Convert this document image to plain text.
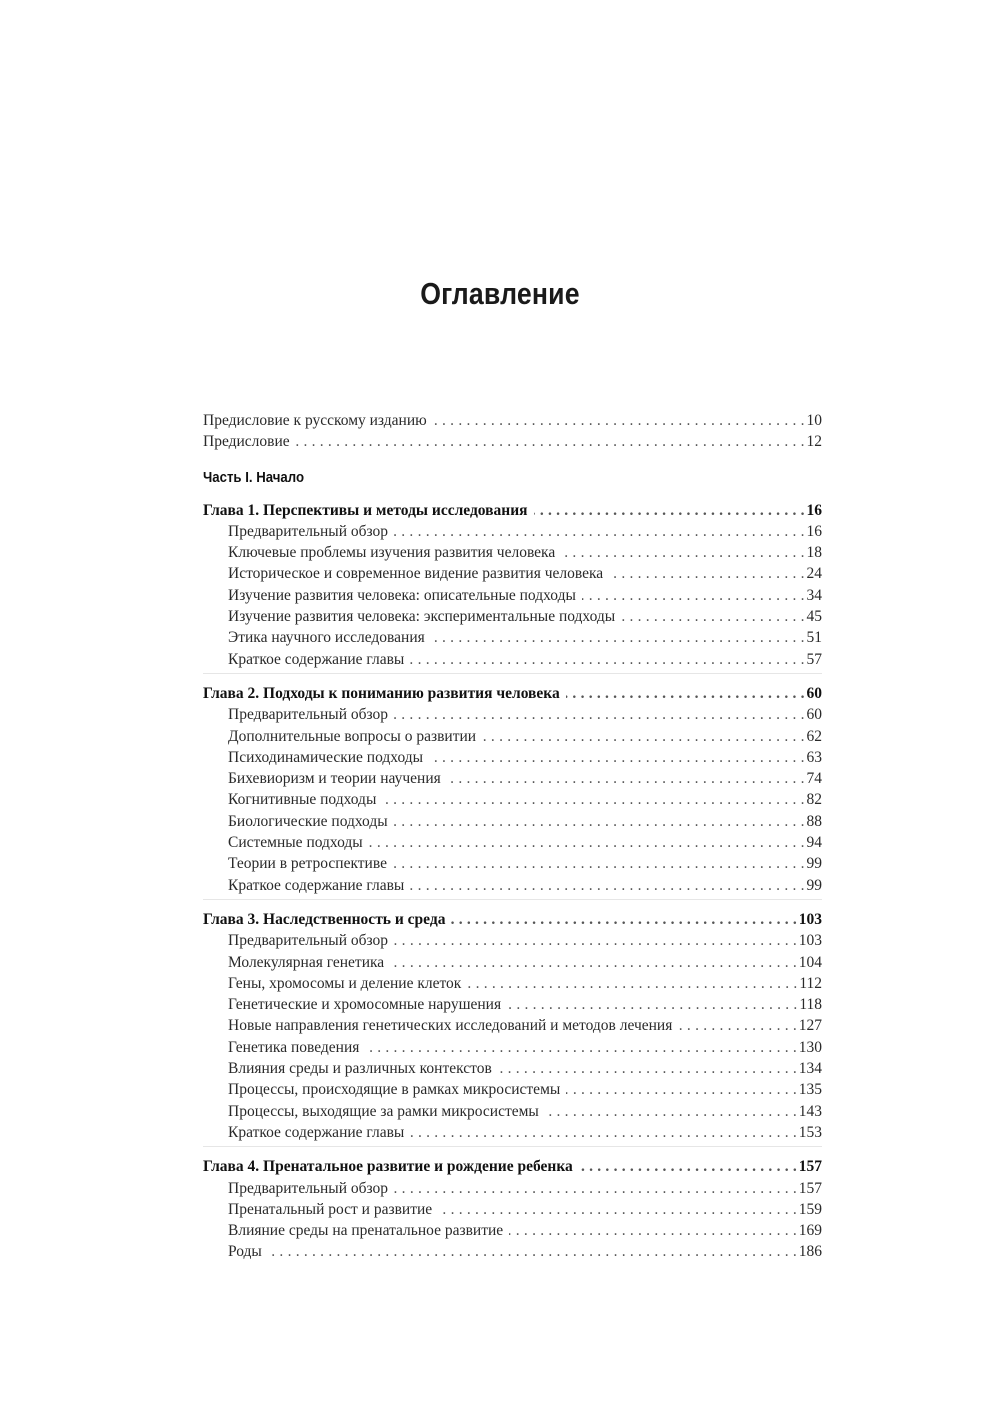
Оглавление
Предисловие к русскому изданию . . .	10
Предисловие . . .	12
Часть I. Начало
Глава 1. Перспективы и методы исследования . . .	16
Предварительный обзор . . .	16
Ключевые проблемы изучения развития человека . . .	18
Историческое и современное видение развития человека . . .	24
Изучение развития человека: описательные подходы . . .	34
Изучение развития человека: экспериментальные подходы . . .	45
Этика научного исследования . . .	51
Краткое содержание главы . . .	57
Глава 2. Подходы к пониманию развития человека . . .	60
Предварительный обзор . . .	60
Дополнительные вопросы о развитии . . .	62
Психодинамические подходы . . .	63
Бихевиоризм и теории научения . . .	74
Когнитивные подходы . . .	82
Биологические подходы . . .	88
Системные подходы . . .	94
Теории в ретроспективе . . .	99
Краткое содержание главы . . .	99
Глава 3. Наследственность и среда . . .	103
Предварительный обзор . . .	103
Молекулярная генетика . . .	104
Гены, хромосомы и деление клеток . . .	112
Генетические и хромосомные нарушения . . .	118
Новые направления генетических исследований и методов лечения . . .	127
Генетика поведения . . .	130
Влияния среды и различных контекстов . . .	134
Процессы, происходящие в рамках микросистемы . . .	135
Процессы, выходящие за рамки микросистемы . . .	143
Краткое содержание главы . . .	153
Глава 4. Пренатальное развитие и рождение ребенка . . .	157
Предварительный обзор . . .	157
Пренатальный рост и развитие . . .	159
Влияние среды на пренатальное развитие . . .	169
Роды . . .	186
